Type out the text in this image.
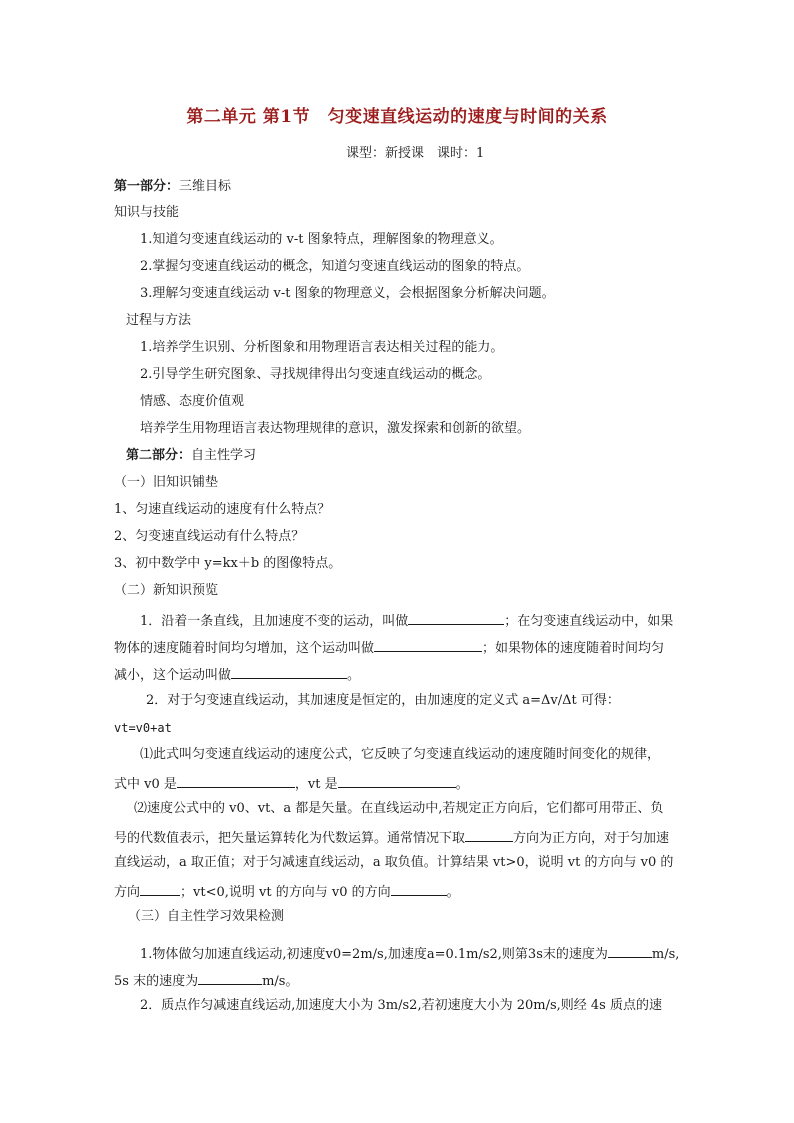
第二单元 第1节　匀变速直线运动的速度与时间的关系
课型：新授课　课时：1
第一部分：三维目标
知识与技能
1.知道匀变速直线运动的 v-t 图象特点，理解图象的物理意义。
2.掌握匀变速直线运动的概念，知道匀变速直线运动的图象的特点。
3.理解匀变速直线运动 v-t 图象的物理意义，会根据图象分析解决问题。
过程与方法
1.培养学生识别、分析图象和用物理语言表达相关过程的能力。
2.引导学生研究图象、寻找规律得出匀变速直线运动的概念。
情感、态度价值观
培养学生用物理语言表达物理规律的意识，激发探索和创新的欲望。
第二部分：自主性学习
（一）旧知识铺垫
1、匀速直线运动的速度有什么特点？
2、匀变速直线运动有什么特点？
3、初中数学中 y=kx＋b 的图像特点。
（二）新知识预览
1．沿着一条直线，且加速度不变的运动，叫做	；在匀变速直线运动中，如果
物体的速度随着时间均匀增加，这个运动叫做	；如果物体的速度随着时间均匀
减小，这个运动叫做	。
2．对于匀变速直线运动，其加速度是恒定的，由加速度的定义式 a=Δv/Δt 可得：
vt=v0+at
⑴此式叫匀变速直线运动的速度公式，它反映了匀变速直线运动的速度随时间变化的规律，
式中 v0 是	，vt 是	。
⑵速度公式中的 v0、vt、a 都是矢量。在直线运动中,若规定正方向后，它们都可用带正、负
号的代数值表示，把矢量运算转化为代数运算。通常情况下取	方向为正方向，对于匀加速
直线运动，a 取正值；对于匀减速直线运动，a 取负值。计算结果 vt>0，说明 vt 的方向与 v0 的
方向	；vt<0,说明 vt 的方向与 v0 的方向	。
（三）自主性学习效果检测
1.物体做匀加速直线运动,初速度v0=2m/s,加速度a=0.1m/s2,则第3s末的速度为	m/s,
5s 末的速度为	m/s。
2．质点作匀减速直线运动,加速度大小为 3m/s2,若初速度大小为 20m/s,则经 4s 质点的速
